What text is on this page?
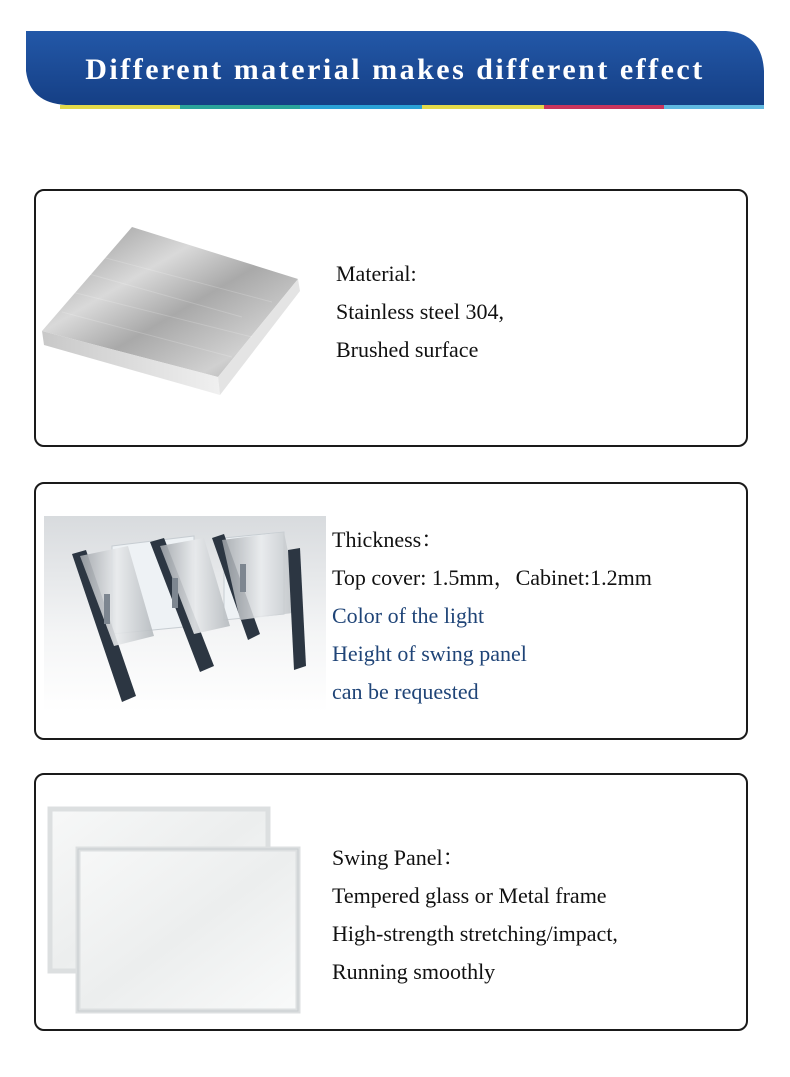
Different material makes different effect
Material:
Stainless steel 304,
Brushed surface
Thickness：
Top cover: 1.5mm，Cabinet:1.2mm
Color of the light
Height of swing panel
can be requested
Swing Panel：
Tempered glass or Metal frame
High-strength stretching/impact,
Running smoothly
